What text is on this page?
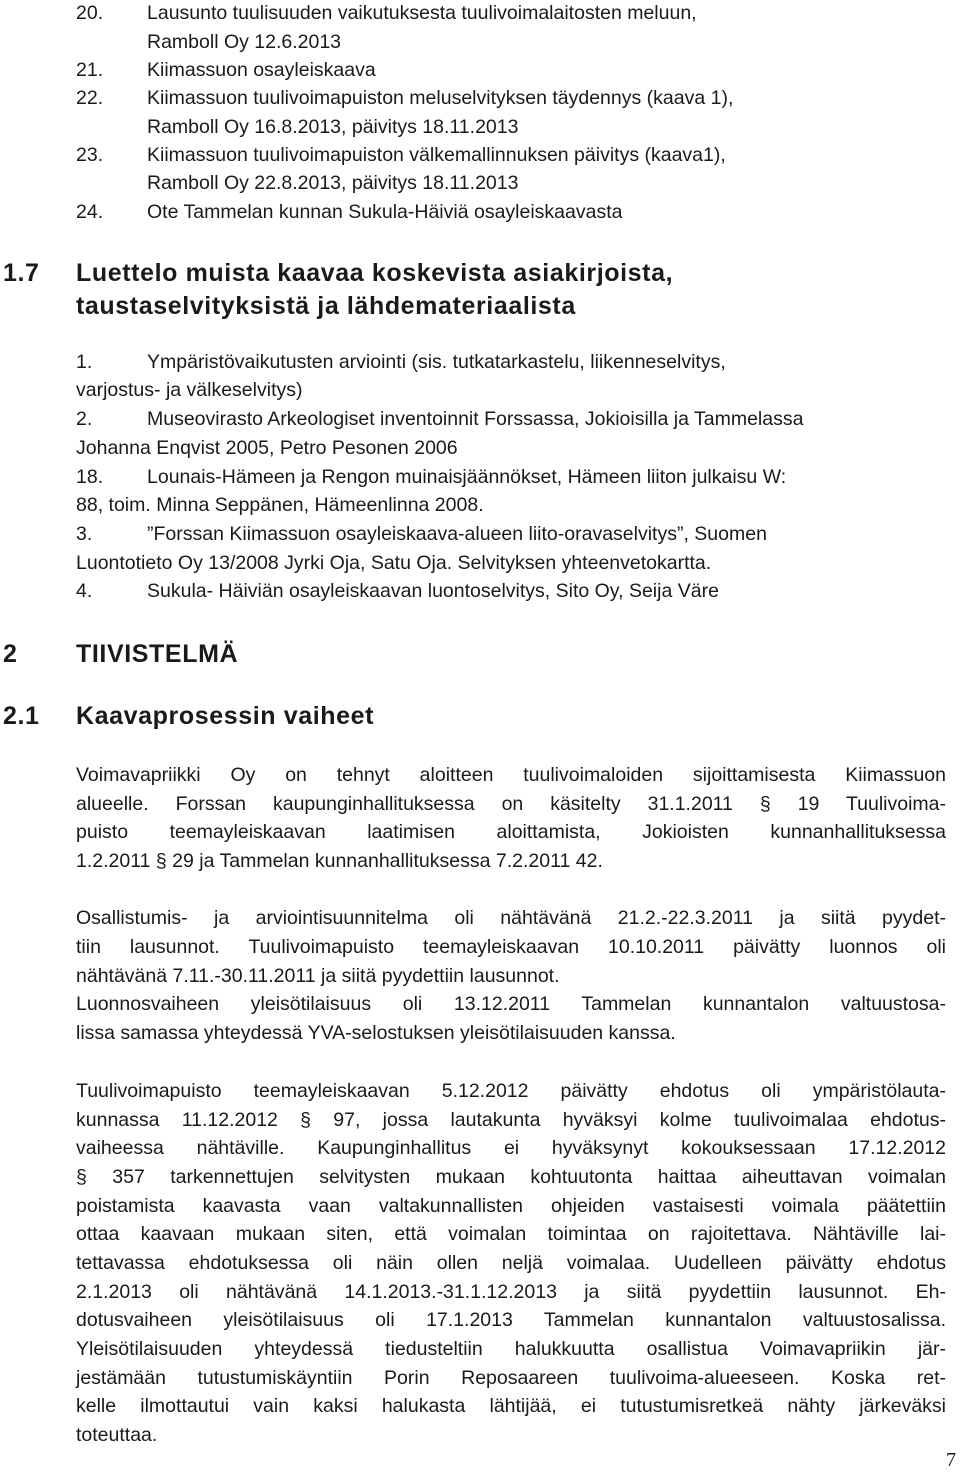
20. Lausunto tuulisuuden vaikutuksesta tuulivoimalaitosten meluun,
Ramboll Oy 12.6.2013
21. Kiimassuon osayleiskaava
22. Kiimassuon tuulivoimapuiston meluselvityksen täydennys (kaava 1),
Ramboll Oy 16.8.2013, päivitys 18.11.2013
23. Kiimassuon tuulivoimapuiston välkemallinnuksen päivitys (kaava1),
Ramboll Oy 22.8.2013, päivitys 18.11.2013
24. Ote Tammelan kunnan Sukula-Häiviä osayleiskaavasta
1.7 Luettelo muista kaavaa koskevista asiakirjoista,
taustaselvityksistä ja lähdemateriaalista
1.	Ympäristövaikutusten arviointi (sis. tutkatarkastelu, liikenneselvitys,
varjostus- ja välkeselvitys)
2.	Museovirasto Arkeologiset inventoinnit Forssassa, Jokioisilla ja Tammelassa
Johanna Enqvist 2005, Petro Pesonen 2006
18. Lounais-Hämeen ja Rengon muinaisjäännökset, Hämeen liiton julkaisu W:
88, toim. Minna Seppänen, Hämeenlinna 2008.
3.	”Forssan Kiimassuon osayleiskaava-alueen liito-oravaselvitys”, Suomen
Luontotieto Oy 13/2008 Jyrki Oja, Satu Oja. Selvityksen yhteenvetokartta.
4.	Sukula- Häiviän osayleiskaavan luontoselvitys, Sito Oy, Seija Väre
2 TIIVISTELMÄ
2.1 Kaavaprosessin vaiheet
Voimavapriikki Oy on tehnyt aloitteen tuulivoimaloiden sijoittamisesta Kiimassuon
alueelle. Forssan kaupunginhallituksessa on käsitelty 31.1.2011 § 19 Tuulivoima-
puisto teemayleiskaavan laatimisen aloittamista, Jokioisten kunnanhallituksessa
1.2.2011 § 29 ja Tammelan kunnanhallituksessa 7.2.2011 42.
Osallistumis- ja arviointisuunnitelma oli nähtävänä 21.2.-22.3.2011 ja siitä pyydet-
tiin lausunnot. Tuulivoimapuisto teemayleiskaavan 10.10.2011 päivätty luonnos oli
nähtävänä 7.11.-30.11.2011 ja siitä pyydettiin lausunnot.
Luonnosvaiheen yleisötilaisuus oli 13.12.2011 Tammelan kunnantalon valtuustosa-
lissa samassa yhteydessä YVA-selostuksen yleisötilaisuuden kanssa.
Tuulivoimapuisto teemayleiskaavan 5.12.2012 päivätty ehdotus oli ympäristölauta-
kunnassa 11.12.2012 § 97, jossa lautakunta hyväksyi kolme tuulivoimalaa ehdotus-
vaiheessa nähtäville. Kaupunginhallitus ei hyväksynyt kokouksessaan 17.12.2012
§ 357 tarkennettujen selvitysten mukaan kohtuutonta haittaa aiheuttavan voimalan
poistamista kaavasta vaan valtakunnallisten ohjeiden vastaisesti voimala päätettiin
ottaa kaavaan mukaan siten, että voimalan toimintaa on rajoitettava. Nähtäville lai-
tettavassa ehdotuksessa oli näin ollen neljä voimalaa. Uudelleen päivätty ehdotus
2.1.2013 oli nähtävänä 14.1.2013.-31.1.12.2013 ja siitä pyydettiin lausunnot. Eh-
dotusvaiheen yleisötilaisuus oli 17.1.2013 Tammelan kunnantalon valtuustosalissa.
Yleisötilaisuuden yhteydessä tiedusteltiin halukkuutta osallistua Voimavapriikin jär-
jestämään tutustumiskäyntiin Porin Reposaareen tuulivoima-alueeseen. Koska ret-
kelle ilmottautui vain kaksi halukasta lähtijää, ei tutustumisretkeä nähty järkeväksi
toteuttaa.
7
